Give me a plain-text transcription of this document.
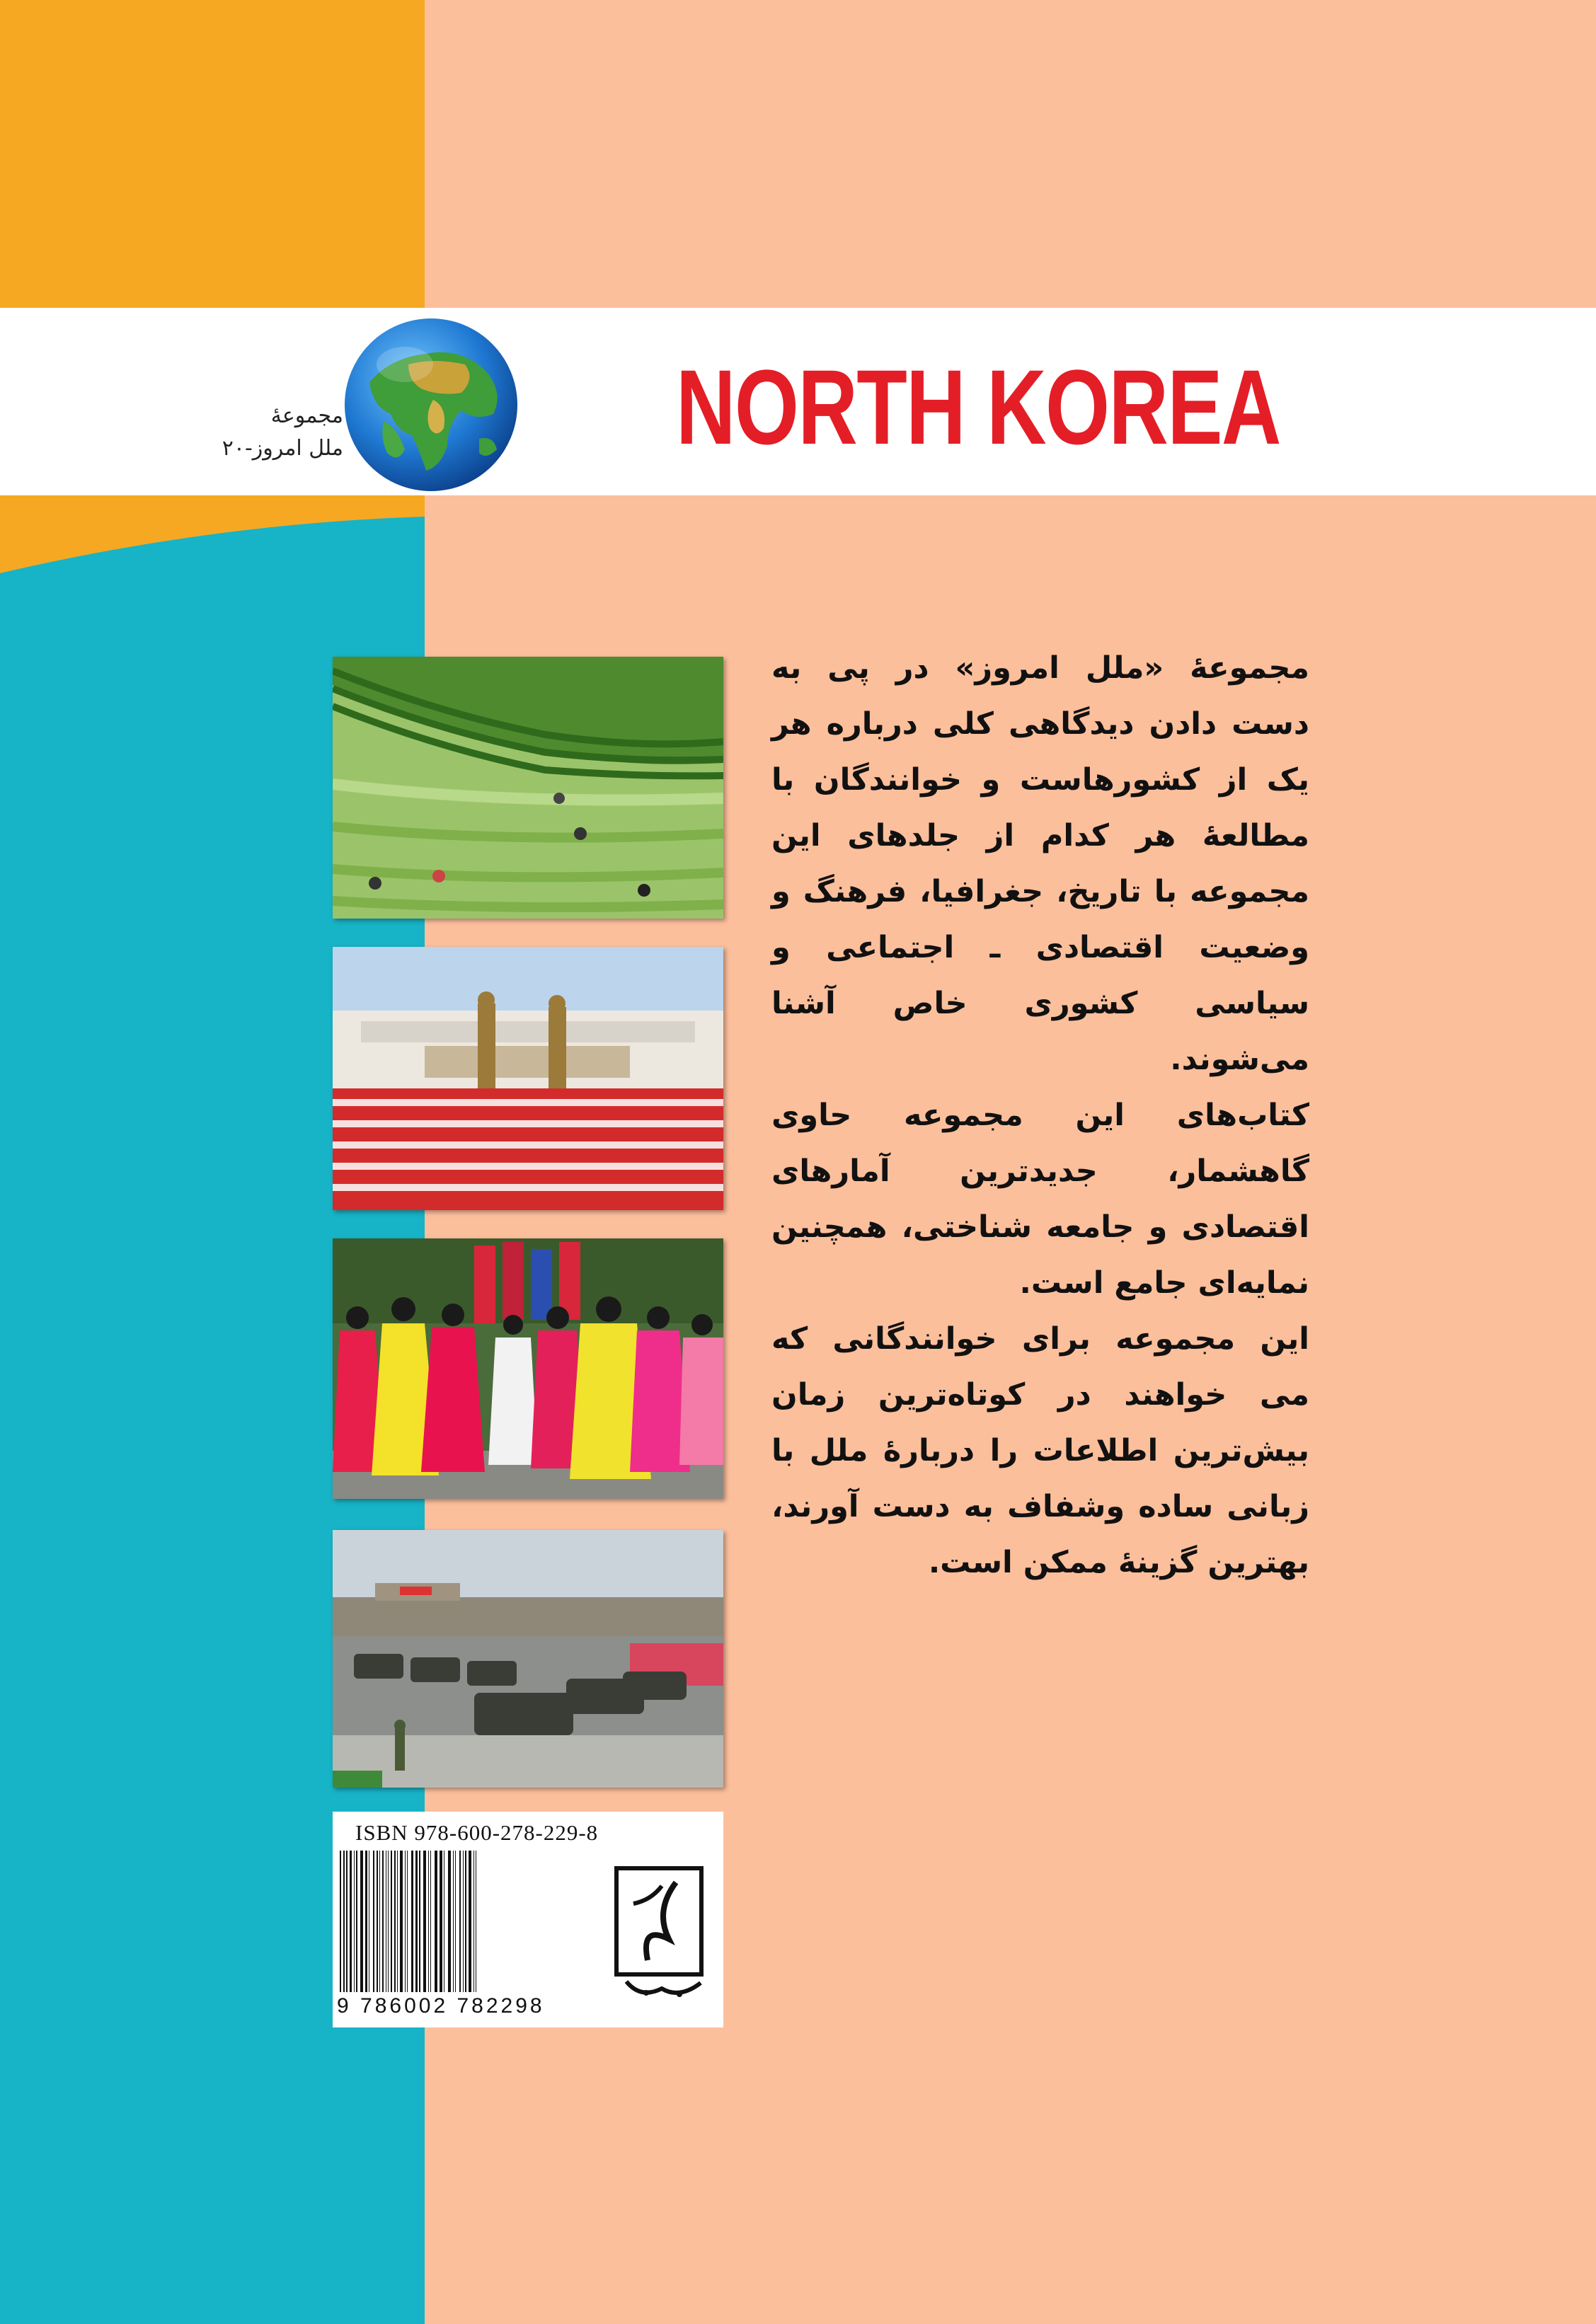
NORTH KOREA
مجموعهٔ
ملل امروز-۲۰
مجموعهٔ «ملل امروز» در پی به دست دادن دیدگاهی کلی درباره هر یک از کشورهاست و خوانندگان با مطالعهٔ هر کدام از جلدهای این مجموعه با تاریخ، جغرافیا، فرهنگ و وضعیت اقتصادی ـ اجتماعی و سیاسی کشوری خاص آشنا می‌شوند.
کتاب‌های این مجموعه حاوی گاهشمار، جدیدترین آمارهای اقتصادی و جامعه شناختی، همچنین نمایه‌ای جامع است.
این مجموعه برای خوانندگانی که می خواهند در کوتاه‌ترین زمان بیش‌ترین اطلاعات را دربارهٔ ملل با زبانی ساده وشفاف به دست آورند، بهترین گزینهٔ ممکن است.
ISBN 978-600-278-229-8
9 786002 782298
